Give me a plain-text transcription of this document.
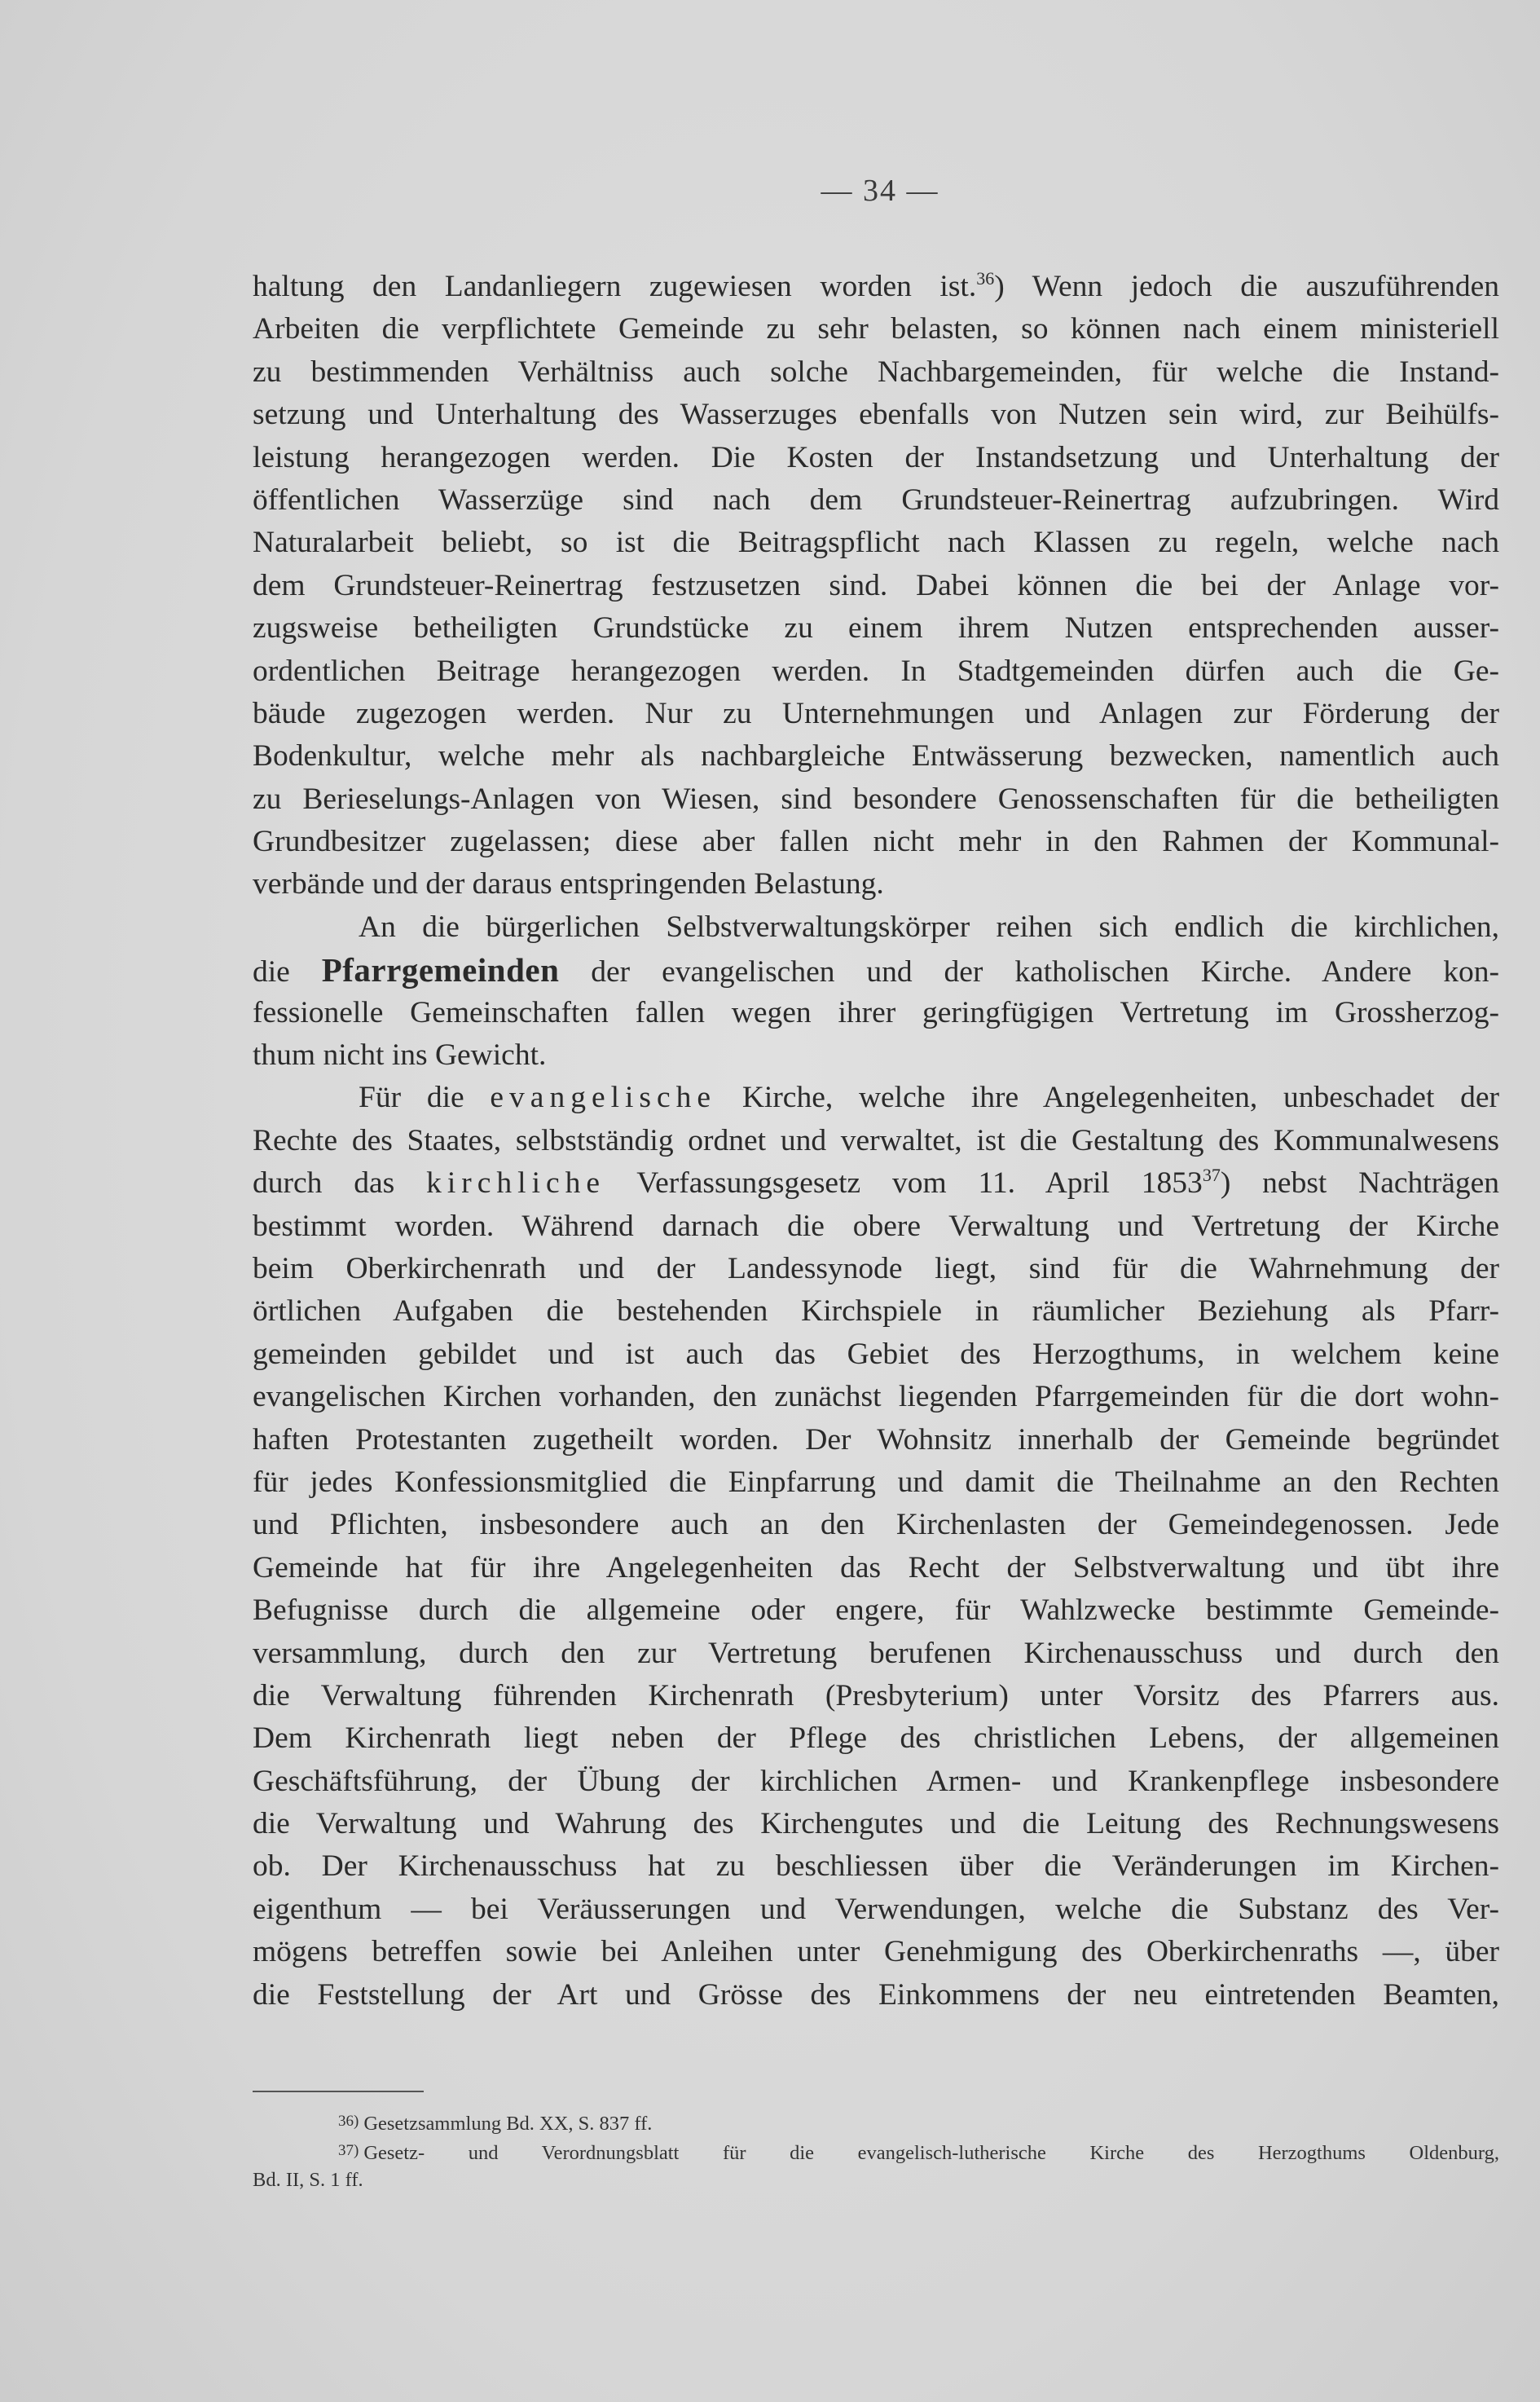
— 34 —
haltung den Landanliegern zugewiesen worden ist.$^{36}$) Wenn jedoch die auszuführenden
Arbeiten die verpflichtete Gemeinde zu sehr belasten, so können nach einem ministeriell
zu bestimmenden Verhältniss auch solche Nachbargemeinden, für welche die Instand-
setzung und Unterhaltung des Wasserzuges ebenfalls von Nutzen sein wird, zur Beihülfs-
leistung herangezogen werden. Die Kosten der Instandsetzung und Unterhaltung der
öffentlichen Wasserzüge sind nach dem Grundsteuer-Reinertrag aufzubringen. Wird
Naturalarbeit beliebt, so ist die Beitragspflicht nach Klassen zu regeln, welche nach
dem Grundsteuer-Reinertrag festzusetzen sind. Dabei können die bei der Anlage vor-
zugsweise betheiligten Grundstücke zu einem ihrem Nutzen entsprechenden ausser-
ordentlichen Beitrage herangezogen werden. In Stadtgemeinden dürfen auch die Ge-
bäude zugezogen werden. Nur zu Unternehmungen und Anlagen zur Förderung der
Bodenkultur, welche mehr als nachbargleiche Entwässerung bezwecken, namentlich auch
zu Berieselungs-Anlagen von Wiesen, sind besondere Genossenschaften für die betheiligten
Grundbesitzer zugelassen; diese aber fallen nicht mehr in den Rahmen der Kommunal-
verbände und der daraus entspringenden Belastung.
An die bürgerlichen Selbstverwaltungskörper reihen sich endlich die kirchlichen,
die Pfarrgemeinden der evangelischen und der katholischen Kirche. Andere kon-
fessionelle Gemeinschaften fallen wegen ihrer geringfügigen Vertretung im Grossherzog-
thum nicht ins Gewicht.
Für die evangelische Kirche, welche ihre Angelegenheiten, unbeschadet der
Rechte des Staates, selbstständig ordnet und verwaltet, ist die Gestaltung des Kommunalwesens
durch das kirchliche Verfassungsgesetz vom 11. April 1853$^{37}$) nebst Nachträgen
bestimmt worden. Während darnach die obere Verwaltung und Vertretung der Kirche
beim Oberkirchenrath und der Landessynode liegt, sind für die Wahrnehmung der
örtlichen Aufgaben die bestehenden Kirchspiele in räumlicher Beziehung als Pfarr-
gemeinden gebildet und ist auch das Gebiet des Herzogthums, in welchem keine
evangelischen Kirchen vorhanden, den zunächst liegenden Pfarrgemeinden für die dort wohn-
haften Protestanten zugetheilt worden. Der Wohnsitz innerhalb der Gemeinde begründet
für jedes Konfessionsmitglied die Einpfarrung und damit die Theilnahme an den Rechten
und Pflichten, insbesondere auch an den Kirchenlasten der Gemeindegenossen. Jede
Gemeinde hat für ihre Angelegenheiten das Recht der Selbstverwaltung und übt ihre
Befugnisse durch die allgemeine oder engere, für Wahlzwecke bestimmte Gemeinde-
versammlung, durch den zur Vertretung berufenen Kirchenausschuss und durch den
die Verwaltung führenden Kirchenrath (Presbyterium) unter Vorsitz des Pfarrers aus.
Dem Kirchenrath liegt neben der Pflege des christlichen Lebens, der allgemeinen
Geschäftsführung, der Übung der kirchlichen Armen- und Krankenpflege insbesondere
die Verwaltung und Wahrung des Kirchengutes und die Leitung des Rechnungswesens
ob. Der Kirchenausschuss hat zu beschliessen über die Veränderungen im Kirchen-
eigenthum — bei Veräusserungen und Verwendungen, welche die Substanz des Ver-
mögens betreffen sowie bei Anleihen unter Genehmigung des Oberkirchenraths —, über
die Feststellung der Art und Grösse des Einkommens der neu eintretenden Beamten,
$^{36)}$ Gesetzsammlung Bd. XX, S. 837 ff.
$^{37)}$ Gesetz- und Verordnungsblatt für die evangelisch-lutherische Kirche des Herzogthums Oldenburg,
Bd. II, S. 1 ff.
